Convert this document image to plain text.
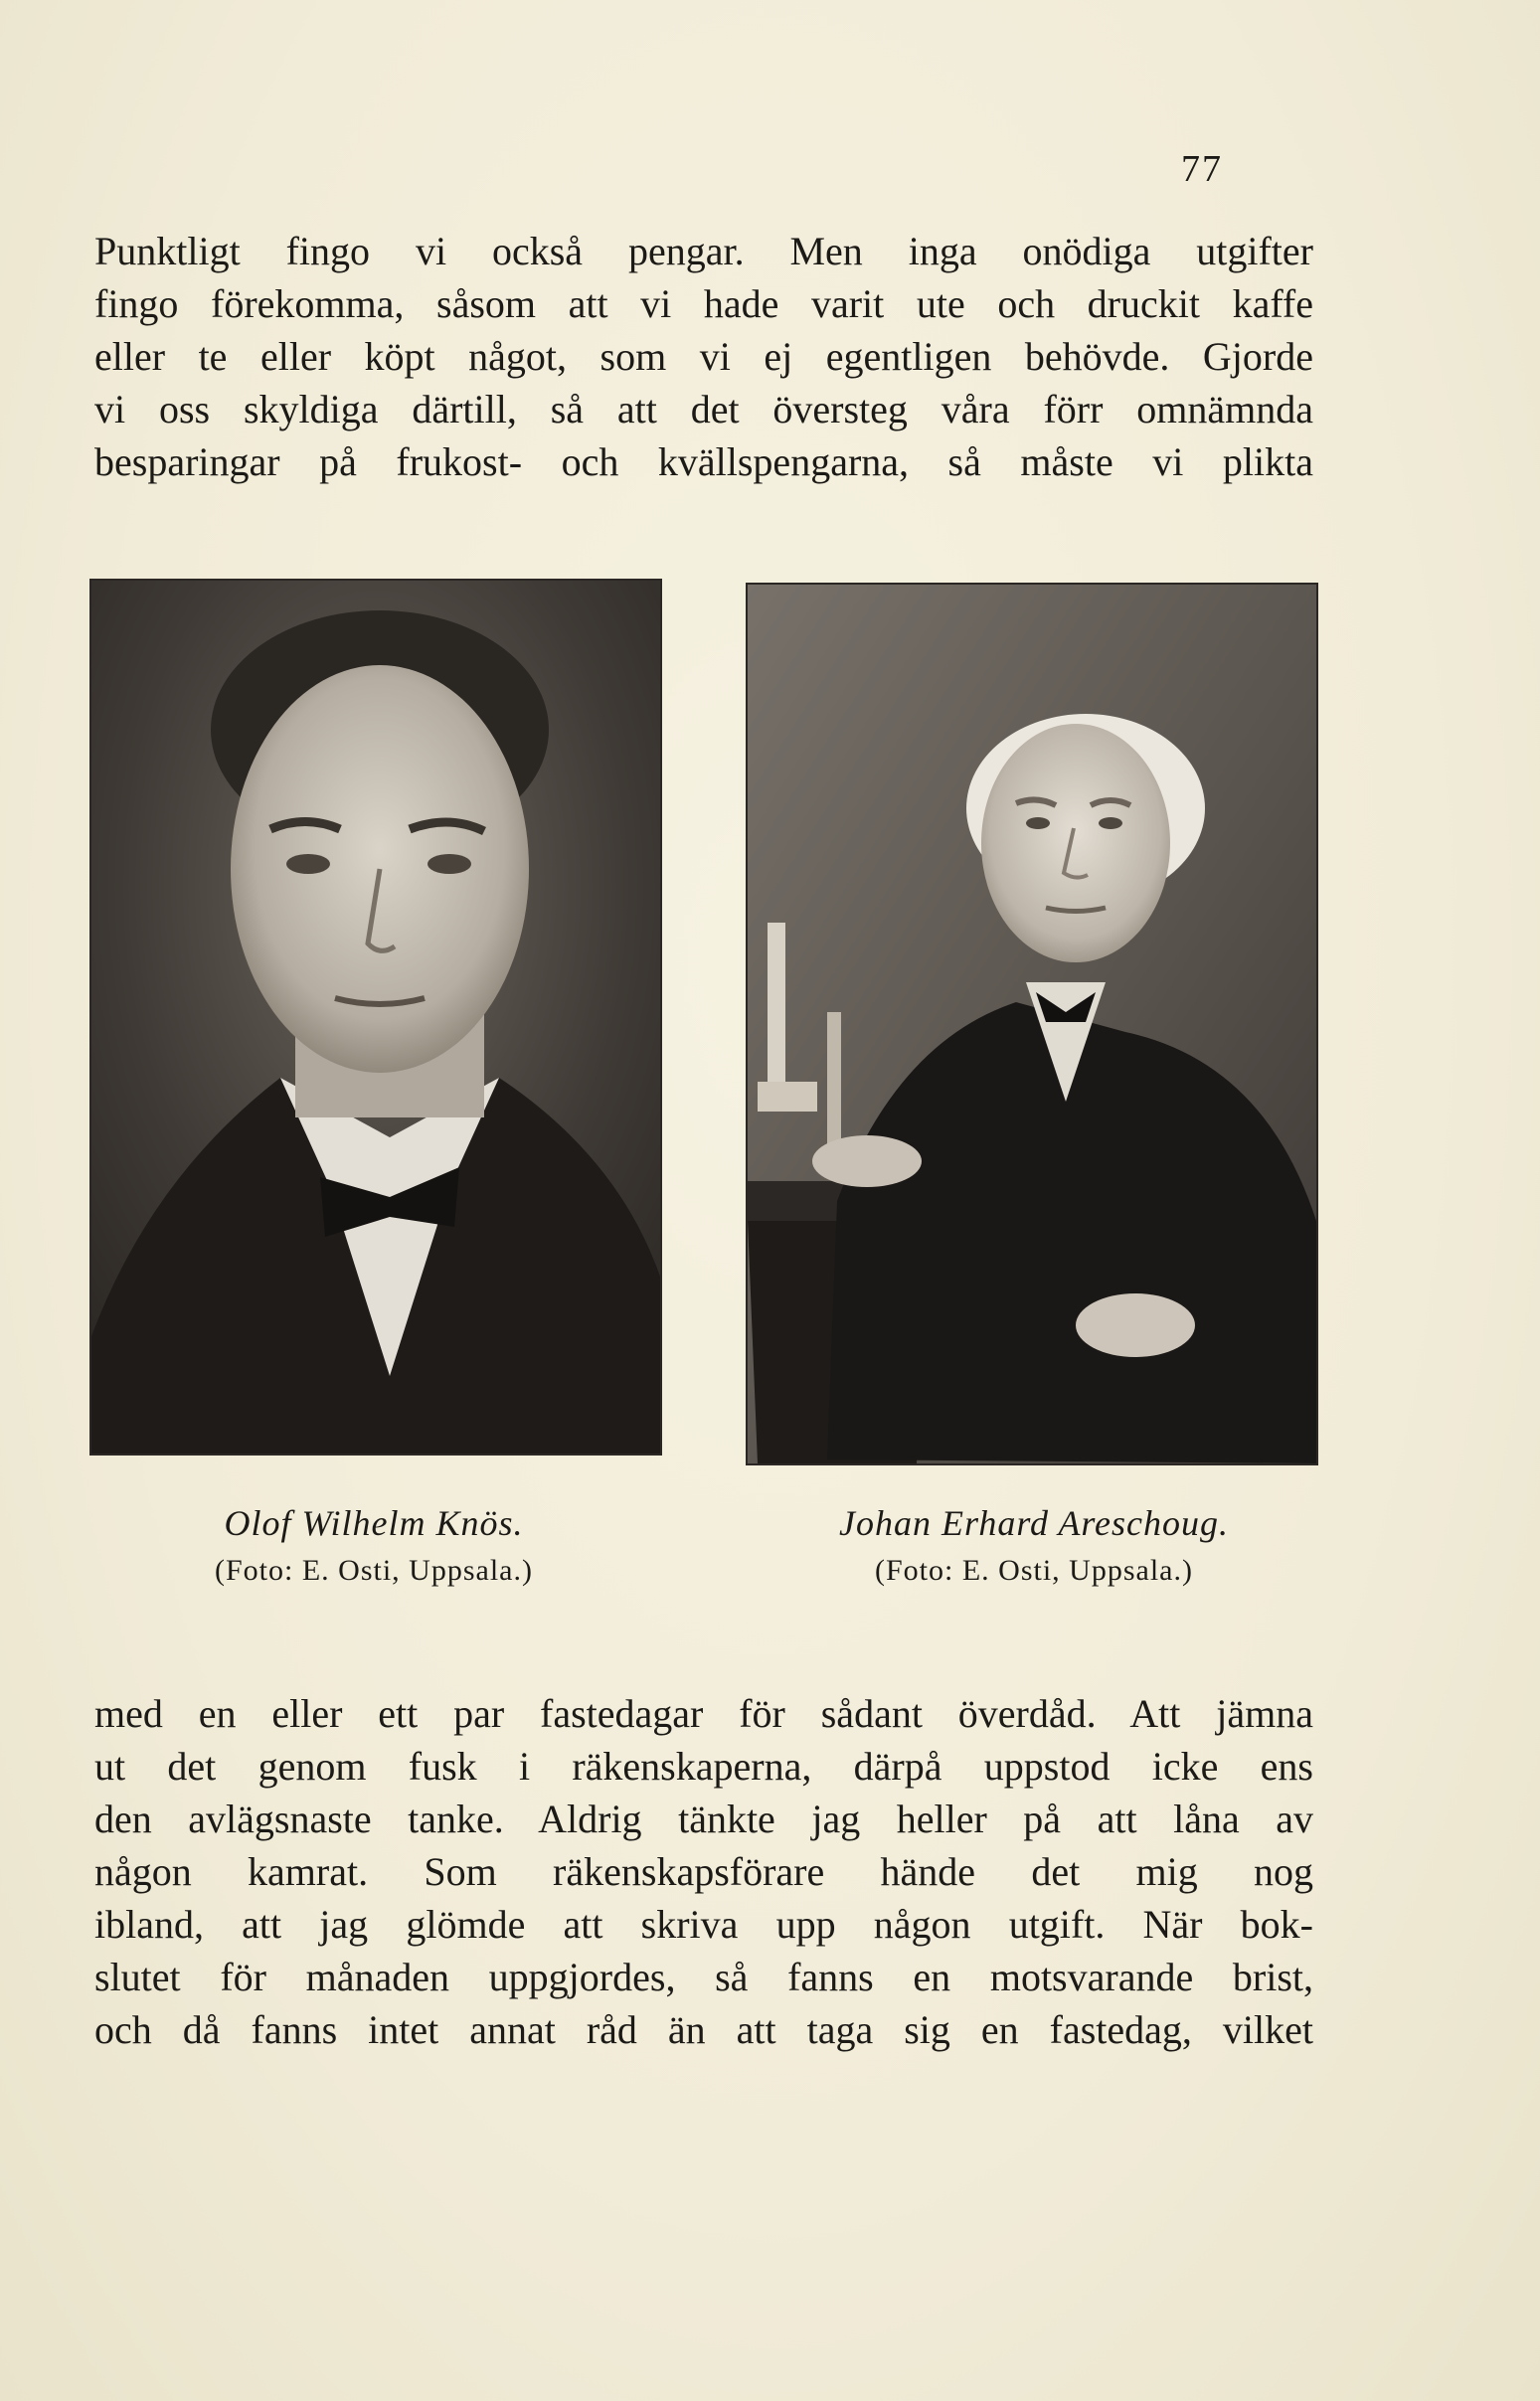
77
Punktligt fingo vi också pengar. Men inga onödiga utgifter
fingo förekomma, såsom att vi hade varit ute och druckit kaffe
eller te eller köpt något, som vi ej egentligen behövde. Gjorde
vi oss skyldiga därtill, så att det översteg våra förr omnämnda
besparingar på frukost- och kvällspengarna, så måste vi plikta
Olof Wilhelm Knös.
(Foto: E. Osti, Uppsala.)
Johan Erhard Areschoug.
(Foto: E. Osti, Uppsala.)
med en eller ett par fastedagar för sådant överdåd. Att jämna
ut det genom fusk i räkenskaperna, därpå uppstod icke ens
den avlägsnaste tanke. Aldrig tänkte jag heller på att låna av
någon kamrat. Som räkenskapsförare hände det mig nog
ibland, att jag glömde att skriva upp någon utgift. När bok-
slutet för månaden uppgjordes, så fanns en motsvarande brist,
och då fanns intet annat råd än att taga sig en fastedag, vilket
